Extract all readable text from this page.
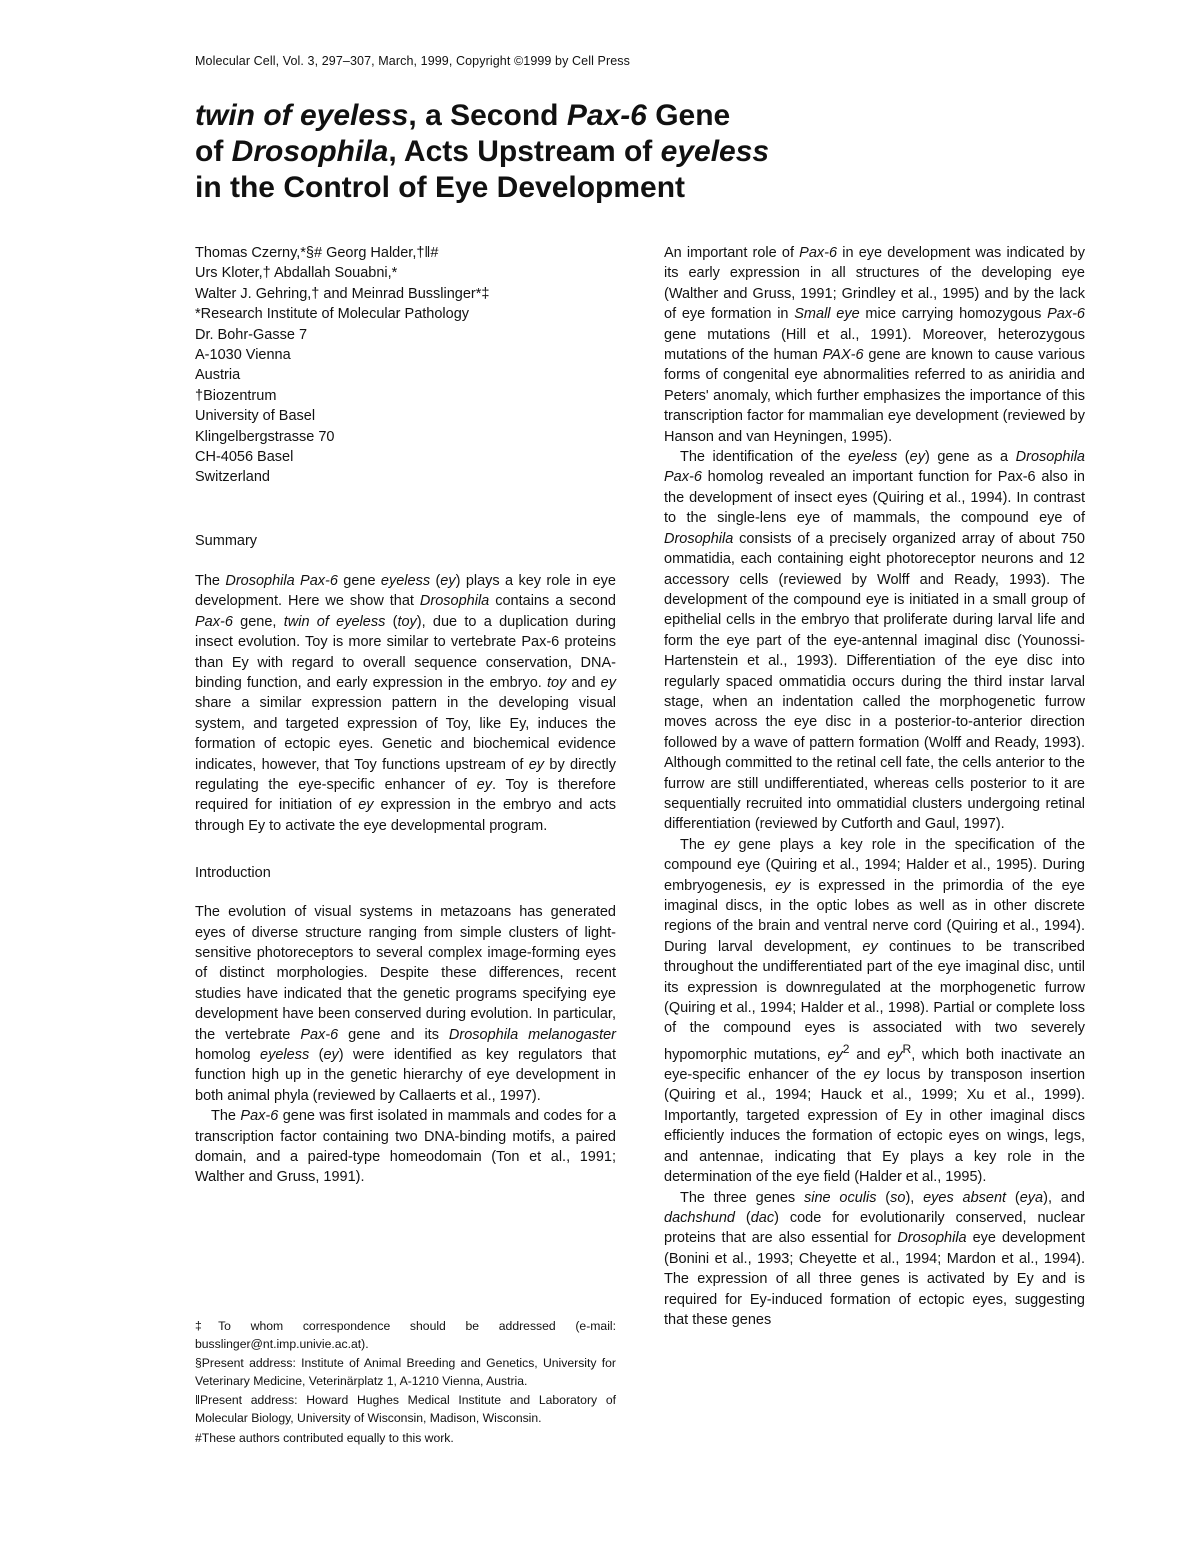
Molecular Cell, Vol. 3, 297–307, March, 1999, Copyright ©1999 by Cell Press
twin of eyeless, a Second Pax-6 Gene
of Drosophila, Acts Upstream of eyeless
in the Control of Eye Development

Thomas Czerny,*§# Georg Halder,†‖#

Urs Kloter,† Abdallah Souabni,*

Walter J. Gehring,† and Meinrad Busslinger*‡

*Research Institute of Molecular Pathology

Dr. Bohr-Gasse 7

A-1030 Vienna

Austria

†Biozentrum

University of Basel

Klingelbergstrasse 70

CH-4056 Basel

Switzerland

Summary

The Drosophila Pax-6 gene eyeless (ey) plays a key role in eye development. Here we show that Drosophila contains a second Pax-6 gene, twin of eyeless (toy), due to a duplication during insect evolution. Toy is more similar to vertebrate Pax-6 proteins than Ey with regard to overall sequence conservation, DNA-binding function, and early expression in the embryo. toy and ey share a similar expression pattern in the developing visual system, and targeted expression of Toy, like Ey, induces the formation of ectopic eyes. Genetic and biochemical evidence indicates, however, that Toy functions upstream of ey by directly regulating the eye-specific enhancer of ey. Toy is therefore required for initiation of ey expression in the embryo and acts through Ey to activate the eye developmental program.

Introduction

The evolution of visual systems in metazoans has generated eyes of diverse structure ranging from simple clusters of light-sensitive photoreceptors to several complex image-forming eyes of distinct morphologies. Despite these differences, recent studies have indicated that the genetic programs specifying eye development have been conserved during evolution. In particular, the vertebrate Pax-6 gene and its Drosophila melanogaster homolog eyeless (ey) were identified as key regulators that function high up in the genetic hierarchy of eye development in both animal phyla (reviewed by Callaerts et al., 1997).

The Pax-6 gene was first isolated in mammals and codes for a transcription factor containing two DNA-binding motifs, a paired domain, and a paired-type homeodomain (Ton et al., 1991; Walther and Gruss, 1991).

‡To whom correspondence should be addressed (e-mail: busslinger@nt.imp.univie.ac.at).

§Present address: Institute of Animal Breeding and Genetics, University for Veterinary Medicine, Veterinärplatz 1, A-1210 Vienna, Austria.

‖Present address: Howard Hughes Medical Institute and Laboratory of Molecular Biology, University of Wisconsin, Madison, Wisconsin.

#These authors contributed equally to this work.

An important role of Pax-6 in eye development was indicated by its early expression in all structures of the developing eye (Walther and Gruss, 1991; Grindley et al., 1995) and by the lack of eye formation in Small eye mice carrying homozygous Pax-6 gene mutations (Hill et al., 1991). Moreover, heterozygous mutations of the human PAX-6 gene are known to cause various forms of congenital eye abnormalities referred to as aniridia and Peters' anomaly, which further emphasizes the importance of this transcription factor for mammalian eye development (reviewed by Hanson and van Heyningen, 1995).

The identification of the eyeless (ey) gene as a Drosophila Pax-6 homolog revealed an important function for Pax-6 also in the development of insect eyes (Quiring et al., 1994). In contrast to the single-lens eye of mammals, the compound eye of Drosophila consists of a precisely organized array of about 750 ommatidia, each containing eight photoreceptor neurons and 12 accessory cells (reviewed by Wolff and Ready, 1993). The development of the compound eye is initiated in a small group of epithelial cells in the embryo that proliferate during larval life and form the eye part of the eye-antennal imaginal disc (Younossi-Hartenstein et al., 1993). Differentiation of the eye disc into regularly spaced ommatidia occurs during the third instar larval stage, when an indentation called the morphogenetic furrow moves across the eye disc in a posterior-to-anterior direction followed by a wave of pattern formation (Wolff and Ready, 1993). Although committed to the retinal cell fate, the cells anterior to the furrow are still undifferentiated, whereas cells posterior to it are sequentially recruited into ommatidial clusters undergoing retinal differentiation (reviewed by Cutforth and Gaul, 1997).

The ey gene plays a key role in the specification of the compound eye (Quiring et al., 1994; Halder et al., 1995). During embryogenesis, ey is expressed in the primordia of the eye imaginal discs, in the optic lobes as well as in other discrete regions of the brain and ventral nerve cord (Quiring et al., 1994). During larval development, ey continues to be transcribed throughout the undifferentiated part of the eye imaginal disc, until its expression is downregulated at the morphogenetic furrow (Quiring et al., 1994; Halder et al., 1998). Partial or complete loss of the compound eyes is associated with two severely hypomorphic mutations, $ey^2$ and $ey^R$, which both inactivate an eye-specific enhancer of the ey locus by transposon insertion (Quiring et al., 1994; Hauck et al., 1999; Xu et al., 1999). Importantly, targeted expression of Ey in other imaginal discs efficiently induces the formation of ectopic eyes on wings, legs, and antennae, indicating that Ey plays a key role in the determination of the eye field (Halder et al., 1995).

The three genes sine oculis (so), eyes absent (eya), and dachshund (dac) code for evolutionarily conserved, nuclear proteins that are also essential for Drosophila eye development (Bonini et al., 1993; Cheyette et al., 1994; Mardon et al., 1994). The expression of all three genes is activated by Ey and is required for Ey-induced formation of ectopic eyes, suggesting that these genes
